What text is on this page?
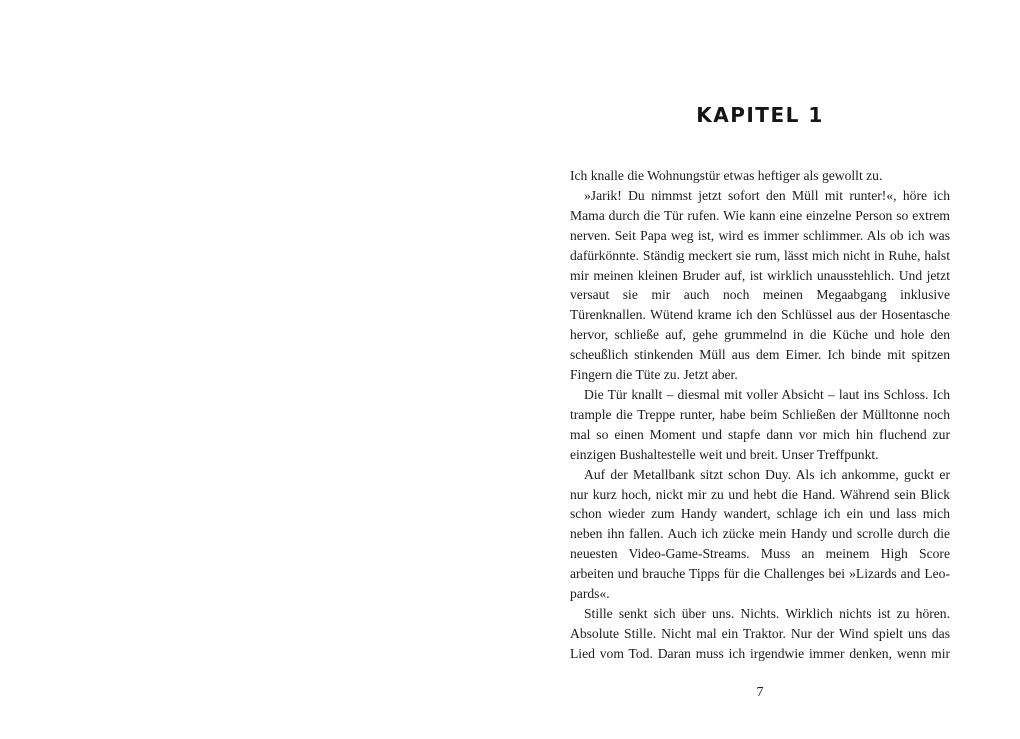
KAPITEL 1

Ich knalle die Wohnungstür etwas heftiger als gewollt zu.

»Jarik! Du nimmst jetzt sofort den Müll mit runter!«, höre ich Mama durch die Tür rufen. Wie kann eine einzelne Person so extrem nerven. Seit Papa weg ist, wird es immer schlimmer. Als ob ich was dafürkönnte. Ständig meckert sie rum, lässt mich nicht in Ruhe, halst mir meinen kleinen Bruder auf, ist wirklich unausstehlich. Und jetzt versaut sie mir auch noch meinen Megaabgang inklusive Türenknallen. Wütend krame ich den Schlüssel aus der Hosentasche hervor, schließe auf, gehe grummelnd in die Küche und hole den scheußlich stinkenden Müll aus dem Eimer. Ich binde mit spitzen Fingern die Tüte zu. Jetzt aber.

Die Tür knallt – diesmal mit voller Absicht – laut ins Schloss. Ich trample die Treppe runter, habe beim Schließen der Mülltonne noch mal so einen Moment und stapfe dann vor mich hin fluchend zur einzigen Bushaltestelle weit und breit. Unser Treffpunkt.

Auf der Metallbank sitzt schon Duy. Als ich ankomme, guckt er nur kurz hoch, nickt mir zu und hebt die Hand. Während sein Blick schon wieder zum Handy wandert, schlage ich ein und lass mich neben ihn fallen. Auch ich zücke mein Handy und scrolle durch die neuesten Video-Game-Streams. Muss an meinem High Score arbeiten und brauche Tipps für die Challenges bei »Lizards and Leopards«.

Stille senkt sich über uns. Nichts. Wirklich nichts ist zu hören. Absolute Stille. Nicht mal ein Traktor. Nur der Wind spielt uns das Lied vom Tod. Daran muss ich irgendwie immer denken, wenn mir

7
